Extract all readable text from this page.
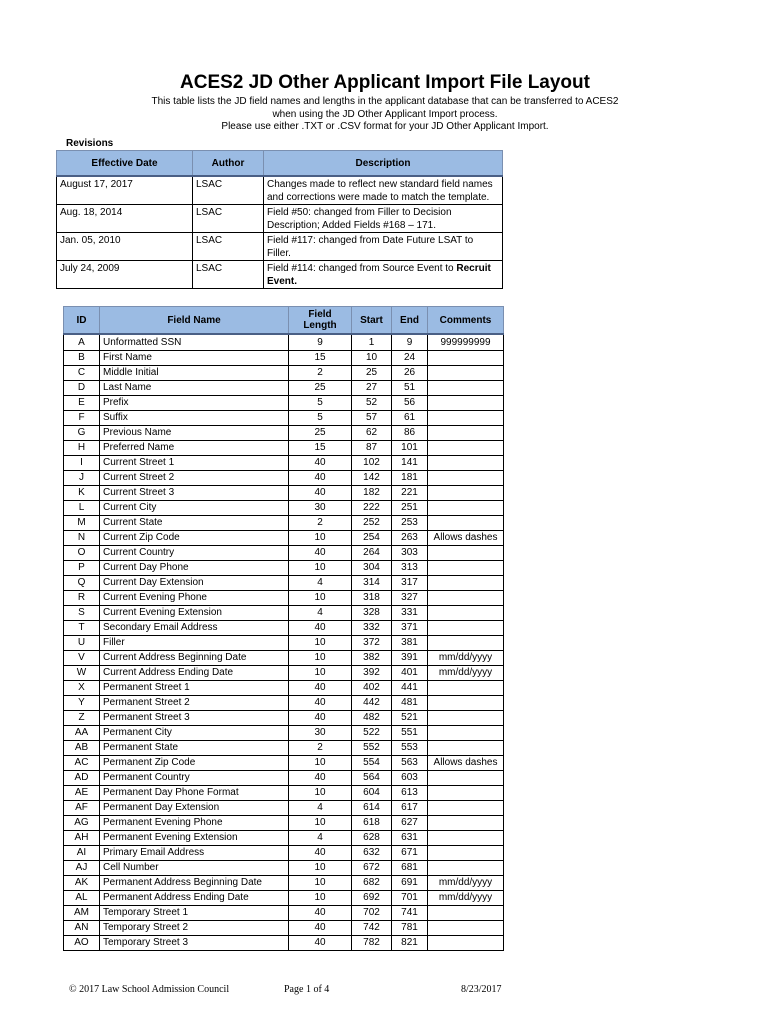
ACES2 JD Other Applicant Import File Layout
This table lists the JD field names and lengths in the applicant database that can be transferred to ACES2
when using the JD Other Applicant Import process.
Please use either .TXT or .CSV format for your JD Other Applicant Import.
Revisions
Effective Date	Author	Description
August 17, 2017	LSAC	Changes made to reflect new standard field names and corrections were made to match the template.
Aug. 18, 2014	LSAC	Field #50: changed from Filler to Decision Description; Added Fields #168 – 171.
Jan. 05, 2010	LSAC	Field #117: changed from Date Future LSAT to Filler.
July 24, 2009	LSAC	Field #114: changed from Source Event to Recruit Event.
ID	Field Name	Field Length	Start	End	Comments
A	Unformatted SSN	9	1	9	999999999
B	First Name	15	10	24	
C	Middle Initial	2	25	26	
D	Last Name	25	27	51	
E	Prefix	5	52	56	
F	Suffix	5	57	61	
G	Previous Name	25	62	86	
H	Preferred Name	15	87	101	
I	Current Street 1	40	102	141	
J	Current Street 2	40	142	181	
K	Current Street 3	40	182	221	
L	Current City	30	222	251	
M	Current State	2	252	253	
N	Current Zip Code	10	254	263	Allows dashes
O	Current Country	40	264	303	
P	Current Day Phone	10	304	313	
Q	Current Day Extension	4	314	317	
R	Current Evening Phone	10	318	327	
S	Current Evening Extension	4	328	331	
T	Secondary Email Address	40	332	371	
U	Filler	10	372	381	
V	Current Address Beginning Date	10	382	391	mm/dd/yyyy
W	Current Address Ending Date	10	392	401	mm/dd/yyyy
X	Permanent Street 1	40	402	441	
Y	Permanent Street 2	40	442	481	
Z	Permanent Street 3	40	482	521	
AA	Permanent City	30	522	551	
AB	Permanent State	2	552	553	
AC	Permanent Zip Code	10	554	563	Allows dashes
AD	Permanent Country	40	564	603	
AE	Permanent Day Phone Format	10	604	613	
AF	Permanent Day Extension	4	614	617	
AG	Permanent Evening Phone	10	618	627	
AH	Permanent Evening Extension	4	628	631	
AI	Primary Email Address	40	632	671	
AJ	Cell Number	10	672	681	
AK	Permanent Address Beginning Date	10	682	691	mm/dd/yyyy
AL	Permanent Address Ending Date	10	692	701	mm/dd/yyyy
AM	Temporary Street 1	40	702	741	
AN	Temporary Street 2	40	742	781	
AO	Temporary Street 3	40	782	821	
© 2017 Law School Admission Council	Page 1 of 4	8/23/2017
